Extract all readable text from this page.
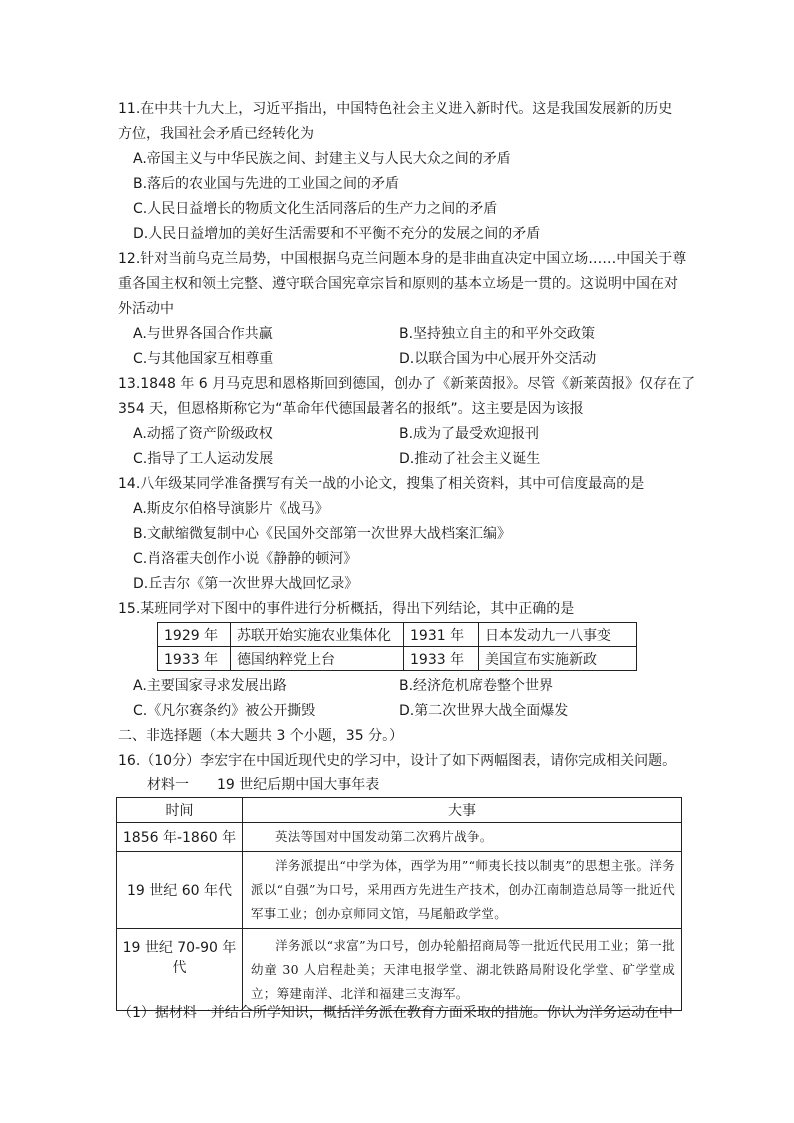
11.在中共十九大上，习近平指出，中国特色社会主义进入新时代。这是我国发展新的历史
方位，我国社会矛盾已经转化为
A.帝国主义与中华民族之间、封建主义与人民大众之间的矛盾
B.落后的农业国与先进的工业国之间的矛盾
C.人民日益增长的物质文化生活同落后的生产力之间的矛盾
D.人民日益增加的美好生活需要和不平衡不充分的发展之间的矛盾
12.针对当前乌克兰局势，中国根据乌克兰问题本身的是非曲直决定中国立场……中国关于尊
重各国主权和领土完整、遵守联合国宪章宗旨和原则的基本立场是一贯的。这说明中国在对
外活动中
A.与世界各国合作共赢	B.坚持独立自主的和平外交政策
C.与其他国家互相尊重	D.以联合国为中心展开外交活动
13.1848 年 6 月马克思和恩格斯回到德国，创办了《新莱茵报》。尽管《新莱茵报》仅存在了
354 天，但恩格斯称它为“革命年代德国最著名的报纸”。这主要是因为该报
A.动摇了资产阶级政权	B.成为了最受欢迎报刊
C.指导了工人运动发展	D.推动了社会主义诞生
14.八年级某同学准备撰写有关一战的小论文，搜集了相关资料，其中可信度最高的是
A.斯皮尔伯格导演影片《战马》
B.文献缩微复制中心《民国外交部第一次世界大战档案汇编》
C.肖洛霍夫创作小说《静静的顿河》
D.丘吉尔《第一次世界大战回忆录》
15.某班同学对下图中的事件进行分析概括，得出下列结论，其中正确的是
1929 年	苏联开始实施农业集体化	1931 年	日本发动九一八事变
1933 年	德国纳粹党上台	1933 年	美国宣布实施新政
A.主要国家寻求发展出路	B.经济危机席卷整个世界
C.《凡尔赛条约》被公开撕毁	D.第二次世界大战全面爆发
二、非选择题（本大题共 3 个小题，35 分。）
16.（10分）李宏宇在中国近现代史的学习中，设计了如下两幅图表，请你完成相关问题。
材料一　　19 世纪后期中国大事年表
时间	大事
1856 年-1860 年	英法等国对中国发动第二次鸦片战争。
19 世纪 60 年代	洋务派提出“中学为体，西学为用”“师夷长技以制夷”的思想主张。洋务派以“自强”为口号，采用西方先进生产技术，创办江南制造总局等一批近代军事工业；创办京师同文馆，马尾船政学堂。
19 世纪 70-90 年代	洋务派以“求富”为口号，创办轮船招商局等一批近代民用工业；第一批幼童 30 人启程赴美；天津电报学堂、湖北铁路局附设化学堂、矿学堂成立；筹建南洋、北洋和福建三支海军。
（1）据材料一并结合所学知识，概括洋务派在教育方面采取的措施。你认为洋务运动在中
